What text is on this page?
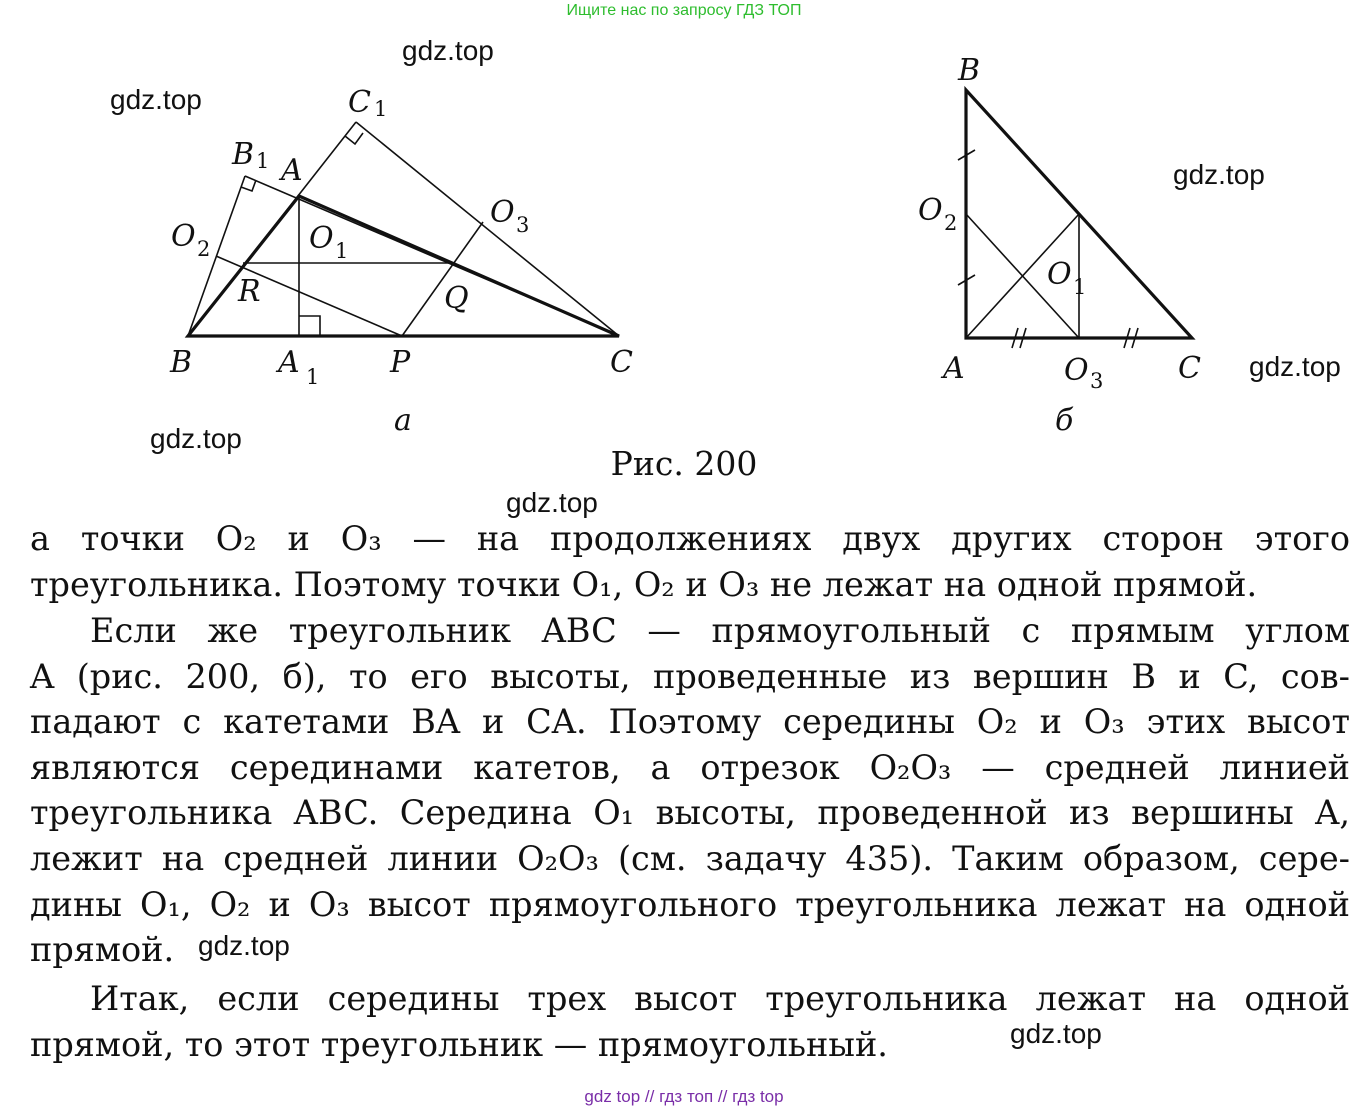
Ищите нас по запросу ГДЗ ТОП
gdz.top
gdz.top
gdz.top
gdz.top
gdz.top
gdz.top
gdz.top
gdz.top
B	A 1 P	C
A
B 1
C 1
O 1
O 2
O 3
R	Q
а
B
A	C
O 2
O 1
O 3
б
Рис. 200
а точки O₂ и O₃ — на продолжениях двух других сторон этого
треугольника. Поэтому точки O₁, O₂ и O₃ не лежат на одной прямой.
Если же треугольник ABC — прямоугольный с прямым углом
A (рис. 200, б), то его высоты, проведенные из вершин B и C, сов-
падают с катетами BA и CA. Поэтому середины O₂ и O₃ этих высот
являются серединами катетов, а отрезок O₂O₃ — средней линией
треугольника ABC. Середина O₁ высоты, проведенной из вершины A,
лежит на средней линии O₂O₃ (см. задачу 435). Таким образом, сере-
дины O₁, O₂ и O₃ высот прямоугольного треугольника лежат на одной
прямой.
Итак, если середины трех высот треугольника лежат на одной
прямой, то этот треугольник — прямоугольный.
gdz top // гдз топ // гдз top
